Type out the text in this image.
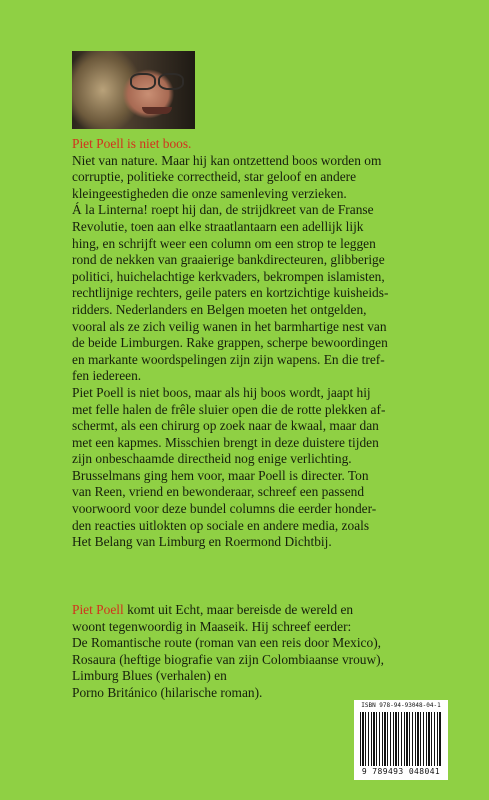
Piet Poell is niet boos.

Niet van nature. Maar hij kan ontzettend boos worden om

corruptie, politieke correctheid, star geloof en andere

kleingeestigheden die onze samenleving verzieken.

Á la Linterna! roept hij dan, de strijdkreet van de Franse

Revolutie, toen aan elke straatlantaarn een adellijk lijk

hing, en schrijft weer een column om een strop te leggen

rond de nekken van graaierige bankdirecteuren, glibberige

politici, huichelachtige kerkvaders, bekrompen islamisten,

rechtlijnige rechters, geile paters en kortzichtige kuisheids-

ridders. Nederlanders en Belgen moeten het ontgelden,

vooral als ze zich veilig wanen in het barmhartige nest van

de beide Limburgen. Rake grappen, scherpe bewoordingen

en markante woordspelingen zijn zijn wapens. En die tref-

fen iedereen.

Piet Poell is niet boos, maar als hij boos wordt, jaapt hij

met felle halen de frêle sluier open die de rotte plekken af-

schermt, als een chirurg op zoek naar de kwaal, maar dan

met een kapmes. Misschien brengt in deze duistere tijden

zijn onbeschaamde directheid nog enige verlichting.

Brusselmans ging hem voor, maar Poell is directer. Ton

van Reen, vriend en bewonderaar, schreef een passend

voorwoord voor deze bundel columns die eerder honder-

den reacties uitlokten op sociale en andere media, zoals

Het Belang van Limburg en Roermond Dichtbij.

Piet Poell komt uit Echt, maar bereisde de wereld en

woont tegenwoordig in Maaseik. Hij schreef eerder:

De Romantische route (roman van een reis door Mexico),

Rosaura (heftige biografie van zijn Colombiaanse vrouw),

Limburg Blues (verhalen) en

Porno Británico (hilarische roman).

ISBN 978-94-93048-04-1
9 789493 048041
